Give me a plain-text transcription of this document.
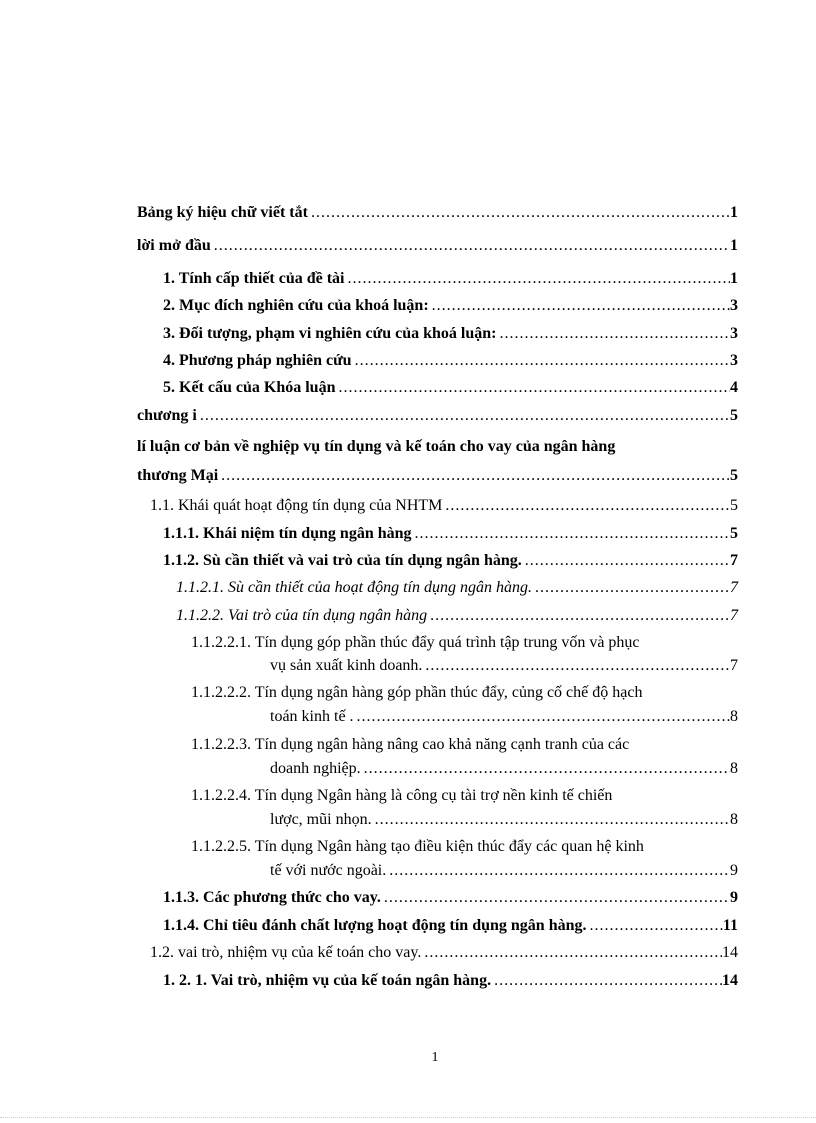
Bảng ký hiệu chữ viết tắt .....	1
lời mở đầu .....	1
1. Tính cấp thiết của đề tài .....	1
2. Mục đích nghiên cứu của khoá luận: .....	3
3. Đối tượng, phạm vi nghiên cứu của khoá luận: .....	3
4. Phương pháp nghiên cứu .....	3
5. Kết cấu của Khóa luận .....	4
chương i .....	5
lí luận cơ bản về nghiệp vụ tín dụng và kế toán cho vay của ngân hàng
thương Mại .....	5
1.1. Khái quát hoạt động tín dụng của NHTM .....	5
1.1.1. Khái niệm tín dụng ngân hàng .....	5
1.1.2. Sù cần thiết và vai trò của tín dụng ngân hàng. .....	7
1.1.2.1. Sù cần thiết của hoạt động tín dụng ngân hàng. .....	7
1.1.2.2. Vai trò của tín dụng ngân hàng .....	7
1.1.2.2.1. Tín dụng góp phần thúc đẩy quá trình tập trung vốn và phục
vụ sản xuất kinh doanh. .....	7
1.1.2.2.2. Tín dụng ngân hàng góp phần thúc đẩy, củng cố chế độ hạch
toán kinh tế . .....	8
1.1.2.2.3. Tín dụng ngân hàng nâng cao khả năng cạnh tranh của các
doanh nghiệp. .....	8
1.1.2.2.4. Tín dụng Ngân hàng là công cụ tài trợ nền kinh tế chiến
lược, mũi nhọn. .....	8
1.1.2.2.5. Tín dụng Ngân hàng tạo điều kiện thúc đẩy các quan hệ kinh
tế với nước ngoài. .....	9
1.1.3. Các phương thức cho vay. .....	9
1.1.4. Chỉ tiêu đánh chất lượng hoạt động tín dụng ngân hàng. .....	11
1.2. vai trò, nhiệm vụ của kế toán cho vay. .....	14
1. 2. 1. Vai trò, nhiệm vụ của kế toán ngân hàng. .....	14
1
